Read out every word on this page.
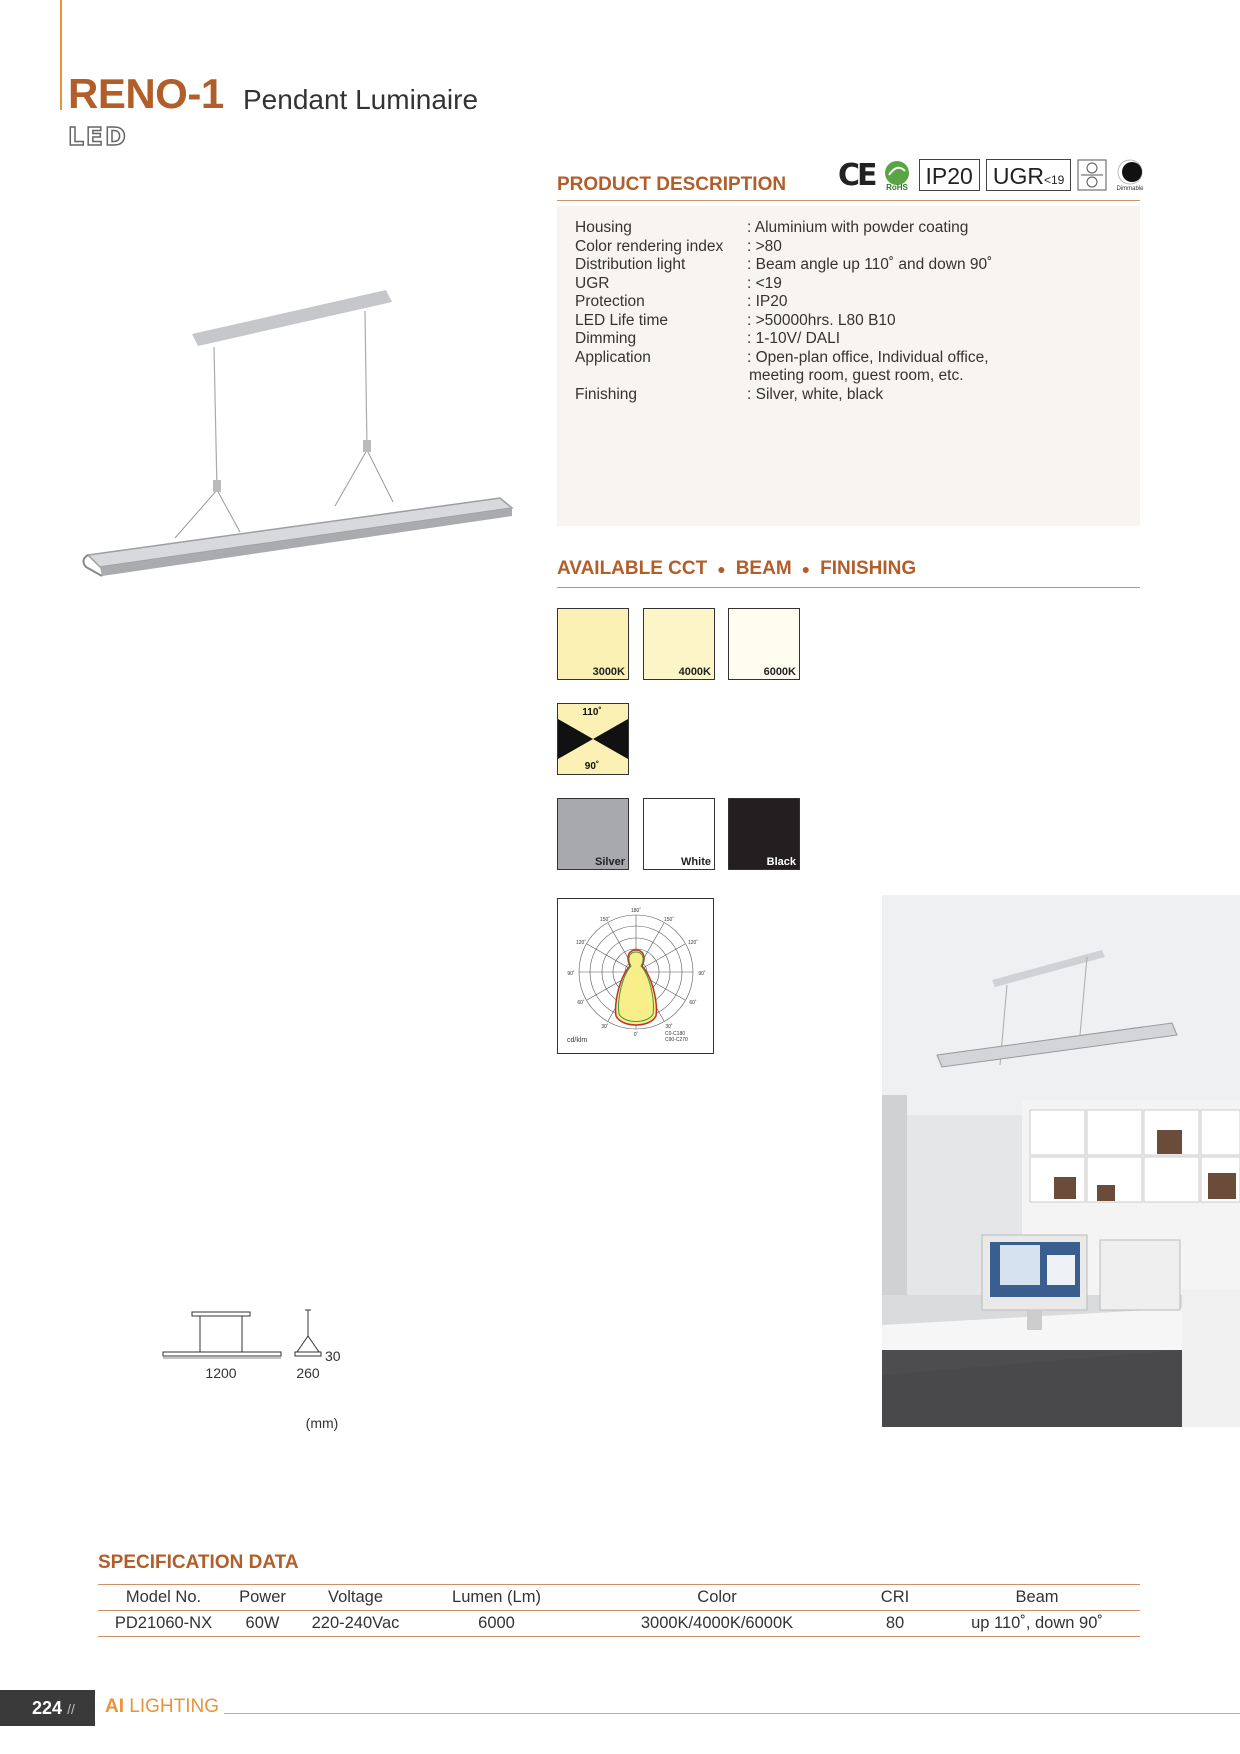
RENO-1 Pendant Luminaire
LED
PRODUCT DESCRIPTION CE RoHS IP20 UGR<19
Dimmable
Housing	: Aluminium with powder coating
Color rendering index : >80
Distribution light	: Beam angle up 110˚ and down 90˚
UGR	: <19
Protection	: IP20
LED Life time	: >50000hrs. L80 B10
Dimming	: 1-10V/ DALI
Application	: Open-plan office, Individual office,
meeting room, guest room, etc.
Finishing	: Silver, white, black
AVAILABLE CCT ● BEAM ● FINISHING
3000K	4000K	6000K
110˚
90˚
Silver	White	Black
180˚
150˚	150˚
120˚	120˚
90˚	90˚
60˚	60˚
30˚	30˚
0˚
cd/klm
C0-C180
C90-C270
1200	260
30
(mm)
SPECIFICATION DATA
Model No.	Power	Voltage	Lumen (Lm)	Color	CRI	Beam
PD21060-NX	60W	220-240Vac	6000	3000K/4000K/6000K	80	up 110˚, down 90˚
224 //	AI LIGHTING
